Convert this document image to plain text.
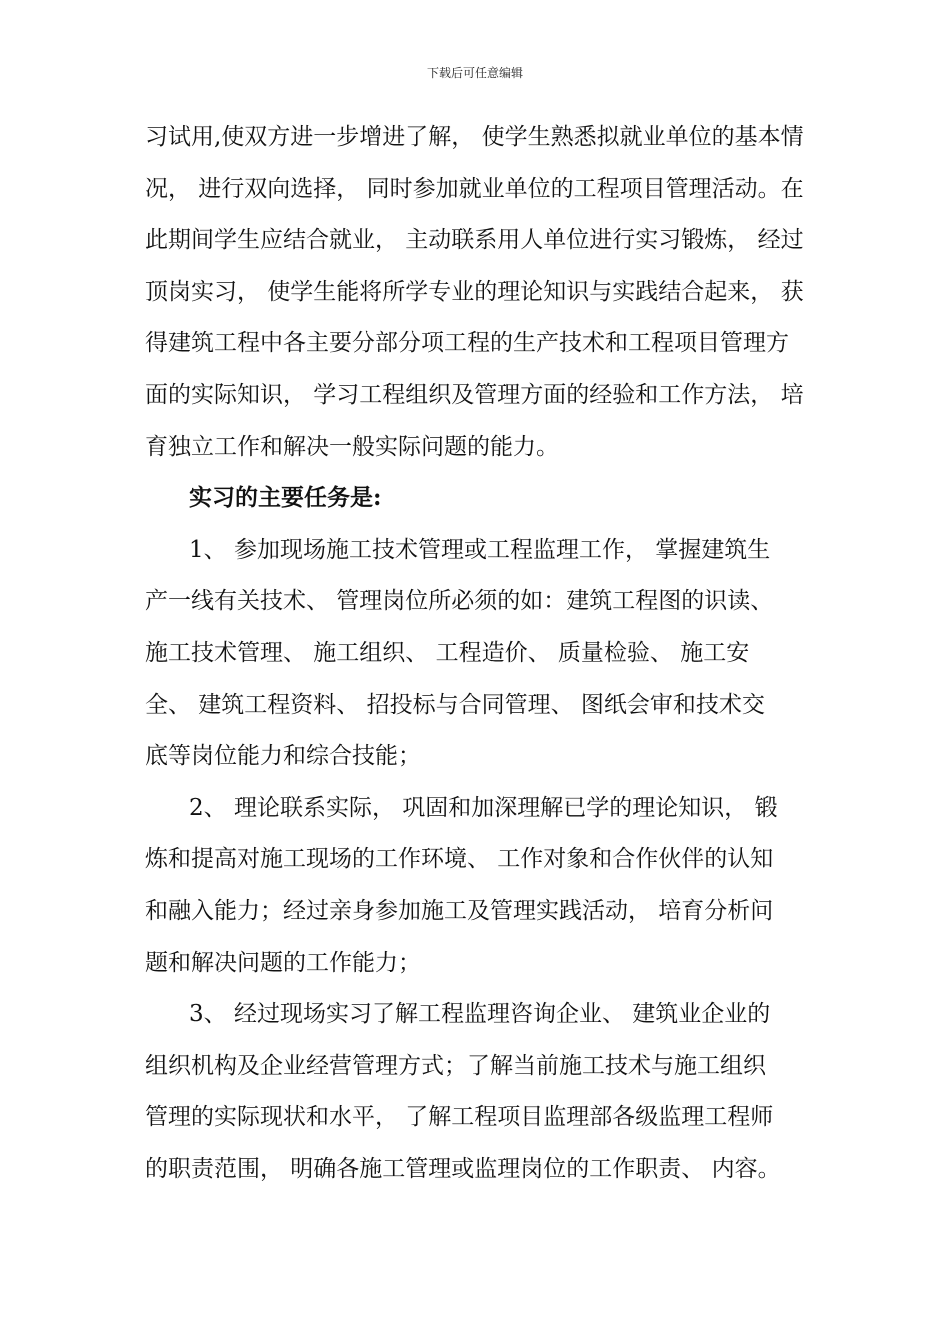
下载后可任意编辑
习试用,使双方进一步增进了解， 使学生熟悉拟就业单位的基本情
况， 进行双向选择， 同时参加就业单位的工程项目管理活动。在
此期间学生应结合就业， 主动联系用人单位进行实习锻炼， 经过
顶岗实习， 使学生能将所学专业的理论知识与实践结合起来， 获
得建筑工程中各主要分部分项工程的生产技术和工程项目管理方
面的实际知识， 学习工程组织及管理方面的经验和工作方法， 培
育独立工作和解决一般实际问题的能力。
实习的主要任务是:
1、 参加现场施工技术管理或工程监理工作， 掌握建筑生
产一线有关技术、 管理岗位所必须的如：建筑工程图的识读、
施工技术管理、 施工组织、 工程造价、 质量检验、 施工安
全、 建筑工程资料、 招投标与合同管理、 图纸会审和技术交
底等岗位能力和综合技能；
2、 理论联系实际， 巩固和加深理解已学的理论知识， 锻
炼和提高对施工现场的工作环境、 工作对象和合作伙伴的认知
和融入能力；经过亲身参加施工及管理实践活动， 培育分析问
题和解决问题的工作能力；
3、 经过现场实习了解工程监理咨询企业、 建筑业企业的
组织机构及企业经营管理方式；了解当前施工技术与施工组织
管理的实际现状和水平， 了解工程项目监理部各级监理工程师
的职责范围， 明确各施工管理或监理岗位的工作职责、 内容。
